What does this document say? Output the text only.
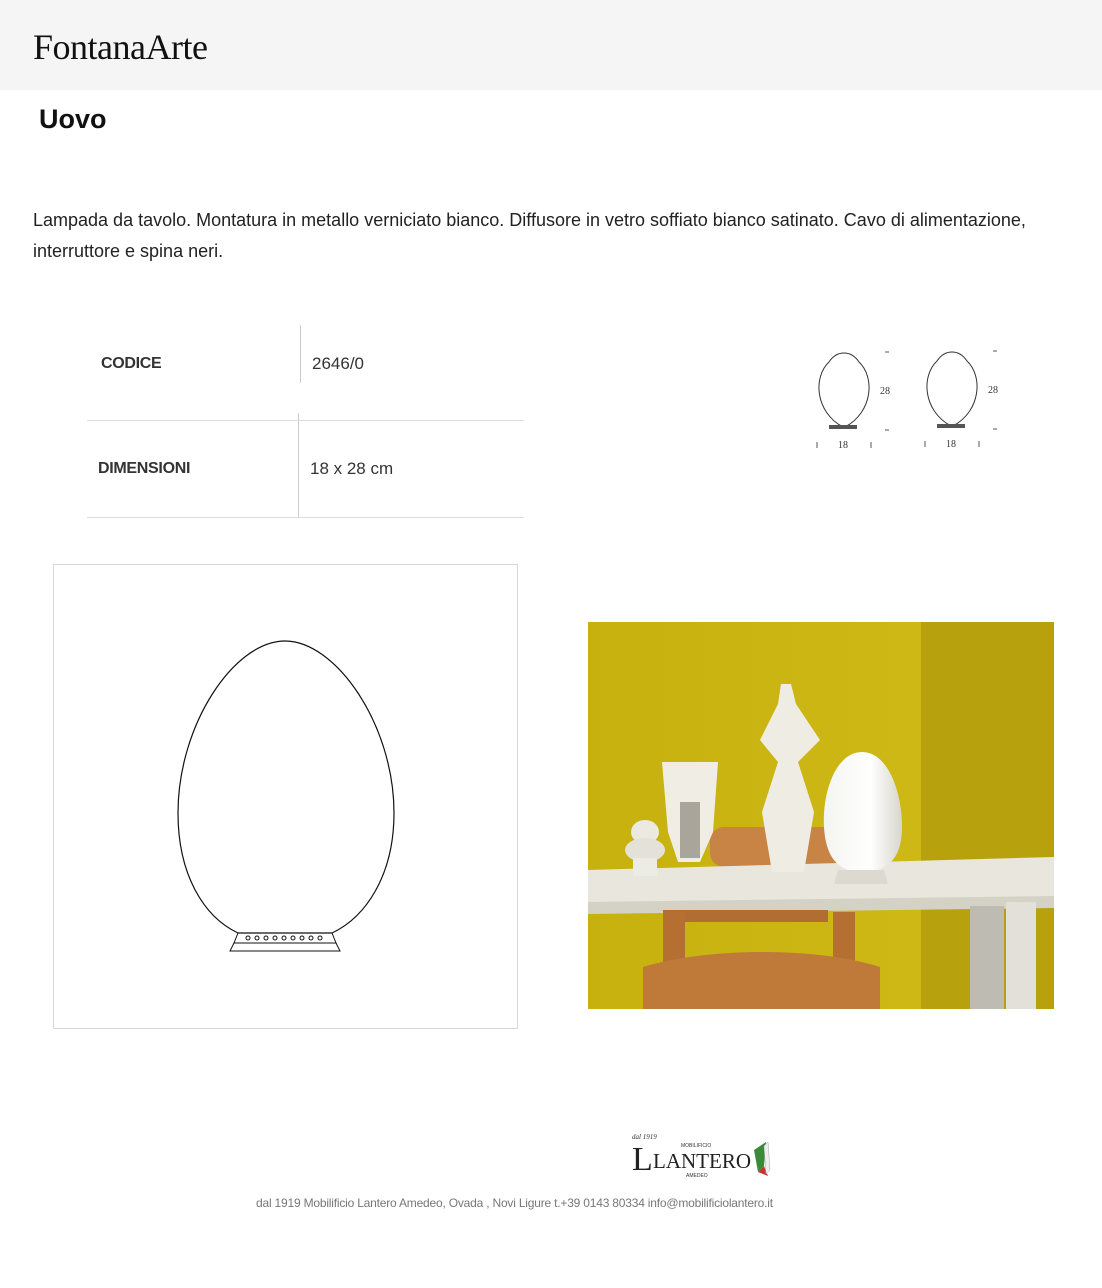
FontanaArte
Uovo
Lampada da tavolo. Montatura in metallo verniciato bianco. Diffusore in vetro soffiato bianco satinato. Cavo di alimentazione, interruttore e spina neri.
CODICE	2646/0
DIMENSIONI	18 x 28 cm
28
18
28
18
dal 1919
MOBILIFICIO
L LANTERO
AMEDEO
dal 1919 Mobilificio Lantero Amedeo, Ovada , Novi Ligure t.+39 0143 80334 info@mobilificiolantero.it
